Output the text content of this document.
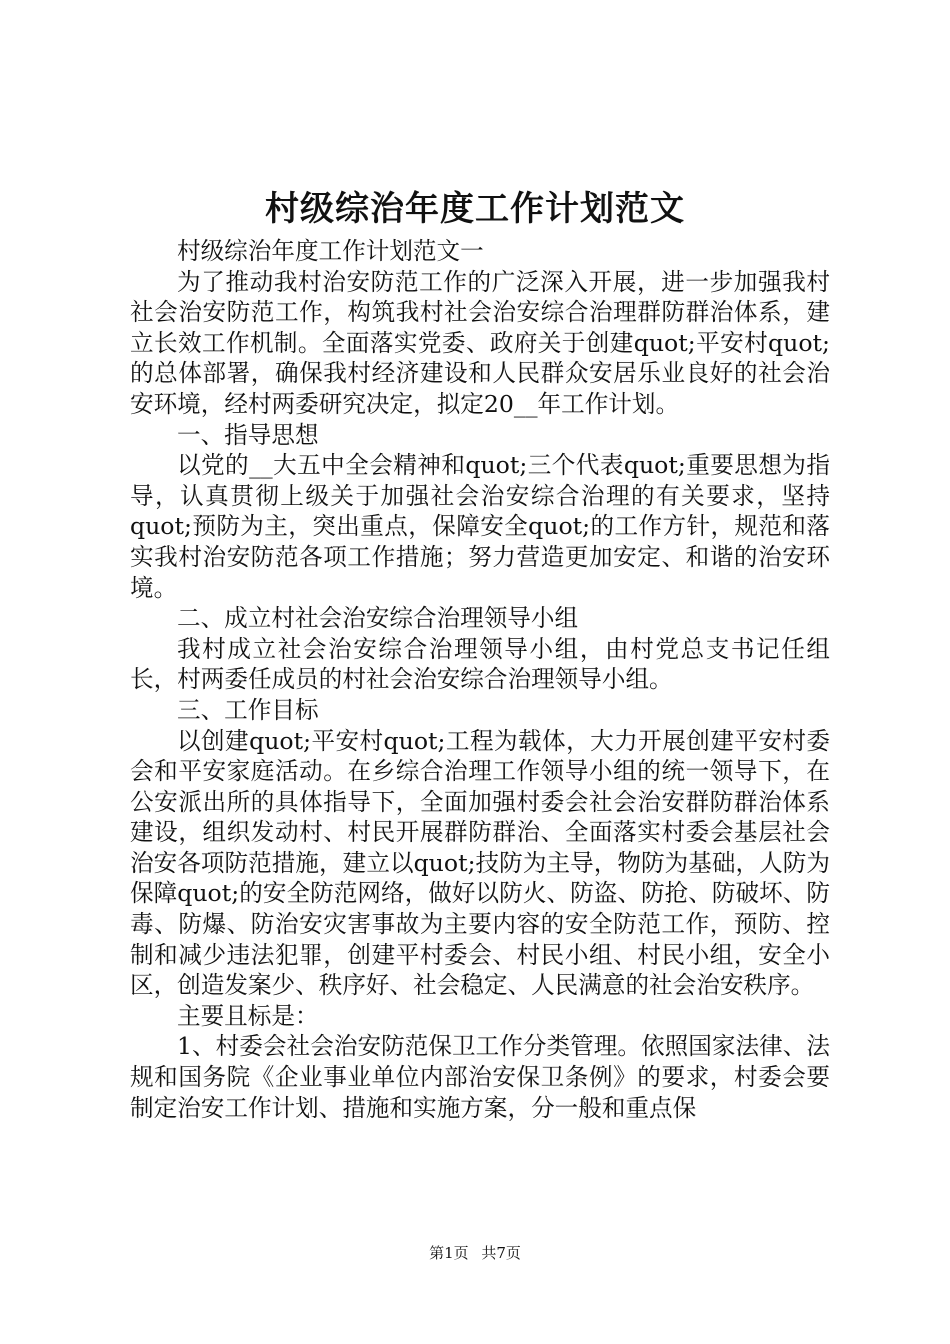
村级综治年度工作计划范文

村级综治年度工作计划范文一

为了推动我村治安防范工作的广泛深入开展，进一步加强我村社会治安防范工作，构筑我村社会治安综合治理群防群治体系，建立长效工作机制。全面落实党委、政府关于创建quot;平安村quot;的总体部署，确保我村经济建设和人民群众安居乐业良好的社会治安环境，经村两委研究决定，拟定20__年工作计划。

一、指导思想

以党的__大五中全会精神和quot;三个代表quot;重要思想为指导，认真贯彻上级关于加强社会治安综合治理的有关要求，坚持quot;预防为主，突出重点，保障安全quot;的工作方针，规范和落实我村治安防范各项工作措施；努力营造更加安定、和谐的治安环境。

二、成立村社会治安综合治理领导小组

我村成立社会治安综合治理领导小组，由村党总支书记任组长，村两委任成员的村社会治安综合治理领导小组。

三、工作目标

以创建quot;平安村quot;工程为载体，大力开展创建平安村委会和平安家庭活动。在乡综合治理工作领导小组的统一领导下，在公安派出所的具体指导下，全面加强村委会社会治安群防群治体系建设，组织发动村、村民开展群防群治、全面落实村委会基层社会治安各项防范措施，建立以quot;技防为主导，物防为基础，人防为保障quot;的安全防范网络，做好以防火、防盗、防抢、防破坏、防毒、防爆、防治安灾害事故为主要内容的安全防范工作，预防、控制和减少违法犯罪，创建平村委会、村民小组、村民小组，安全小区，创造发案少、秩序好、社会稳定、人民满意的社会治安秩序。

主要且标是：

1、村委会社会治安防范保卫工作分类管理。依照国家法律、法规和国务院《企业事业单位内部治安保卫条例》的要求，村委会要制定治安工作计划、措施和实施方案，分一般和重点保

第1页 共7页
